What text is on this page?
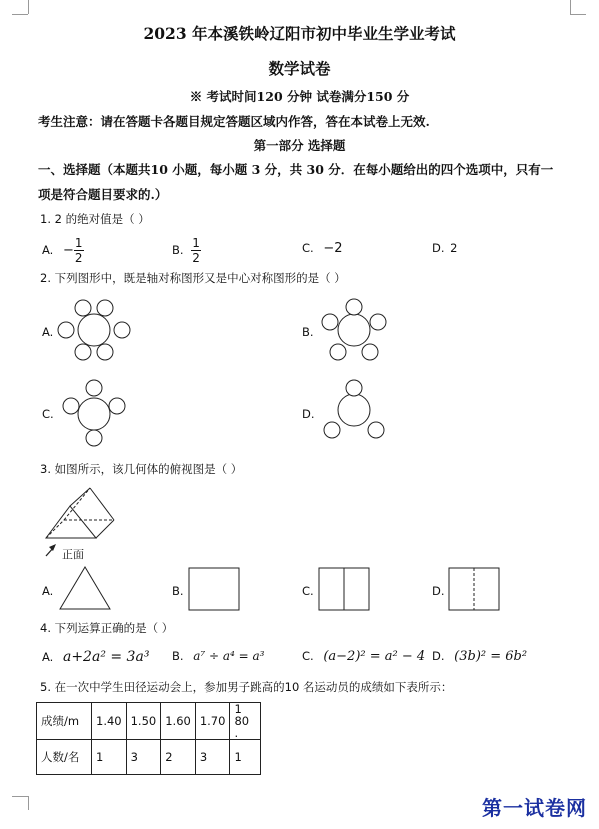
2023 年本溪铁岭辽阳市初中毕业生学业考试
数学试卷
※ 考试时间120 分钟 试卷满分150 分
考生注意：请在答题卡各题目规定答题区域内作答，答在本试卷上无效.
第一部分 选择题
一、选择题（本题共10 小题，每小题 3 分，共 30 分．在每小题给出的四个选项中，只有一
项是符合题目要求的.）
1. 2 的绝对值是（ ）
A. − $\frac{1}{2}$	B. $\frac{1}{2}$	C. −2	D. 2
2. 下列图形中，既是轴对称图形又是中心对称图形的是（ ）
A.	B.
C.	D.
3. 如图所示，该几何体的俯视图是（ ）
正面
A.	B.	C.	D.
4. 下列运算正确的是（ ）
A. a+2a² = 3a³ B. a⁷ ÷ a⁴ = a³	C. (a−2)² = a² − 4 D. (3b)² = 6b²
5. 在一次中学生田径运动会上，参加男子跳高的10 名运动员的成绩如下表所示：
成绩/m	1.40	1.50	1.60	1.70	1 80
.
人数/名	1	3	2	3	1
第一试卷网
